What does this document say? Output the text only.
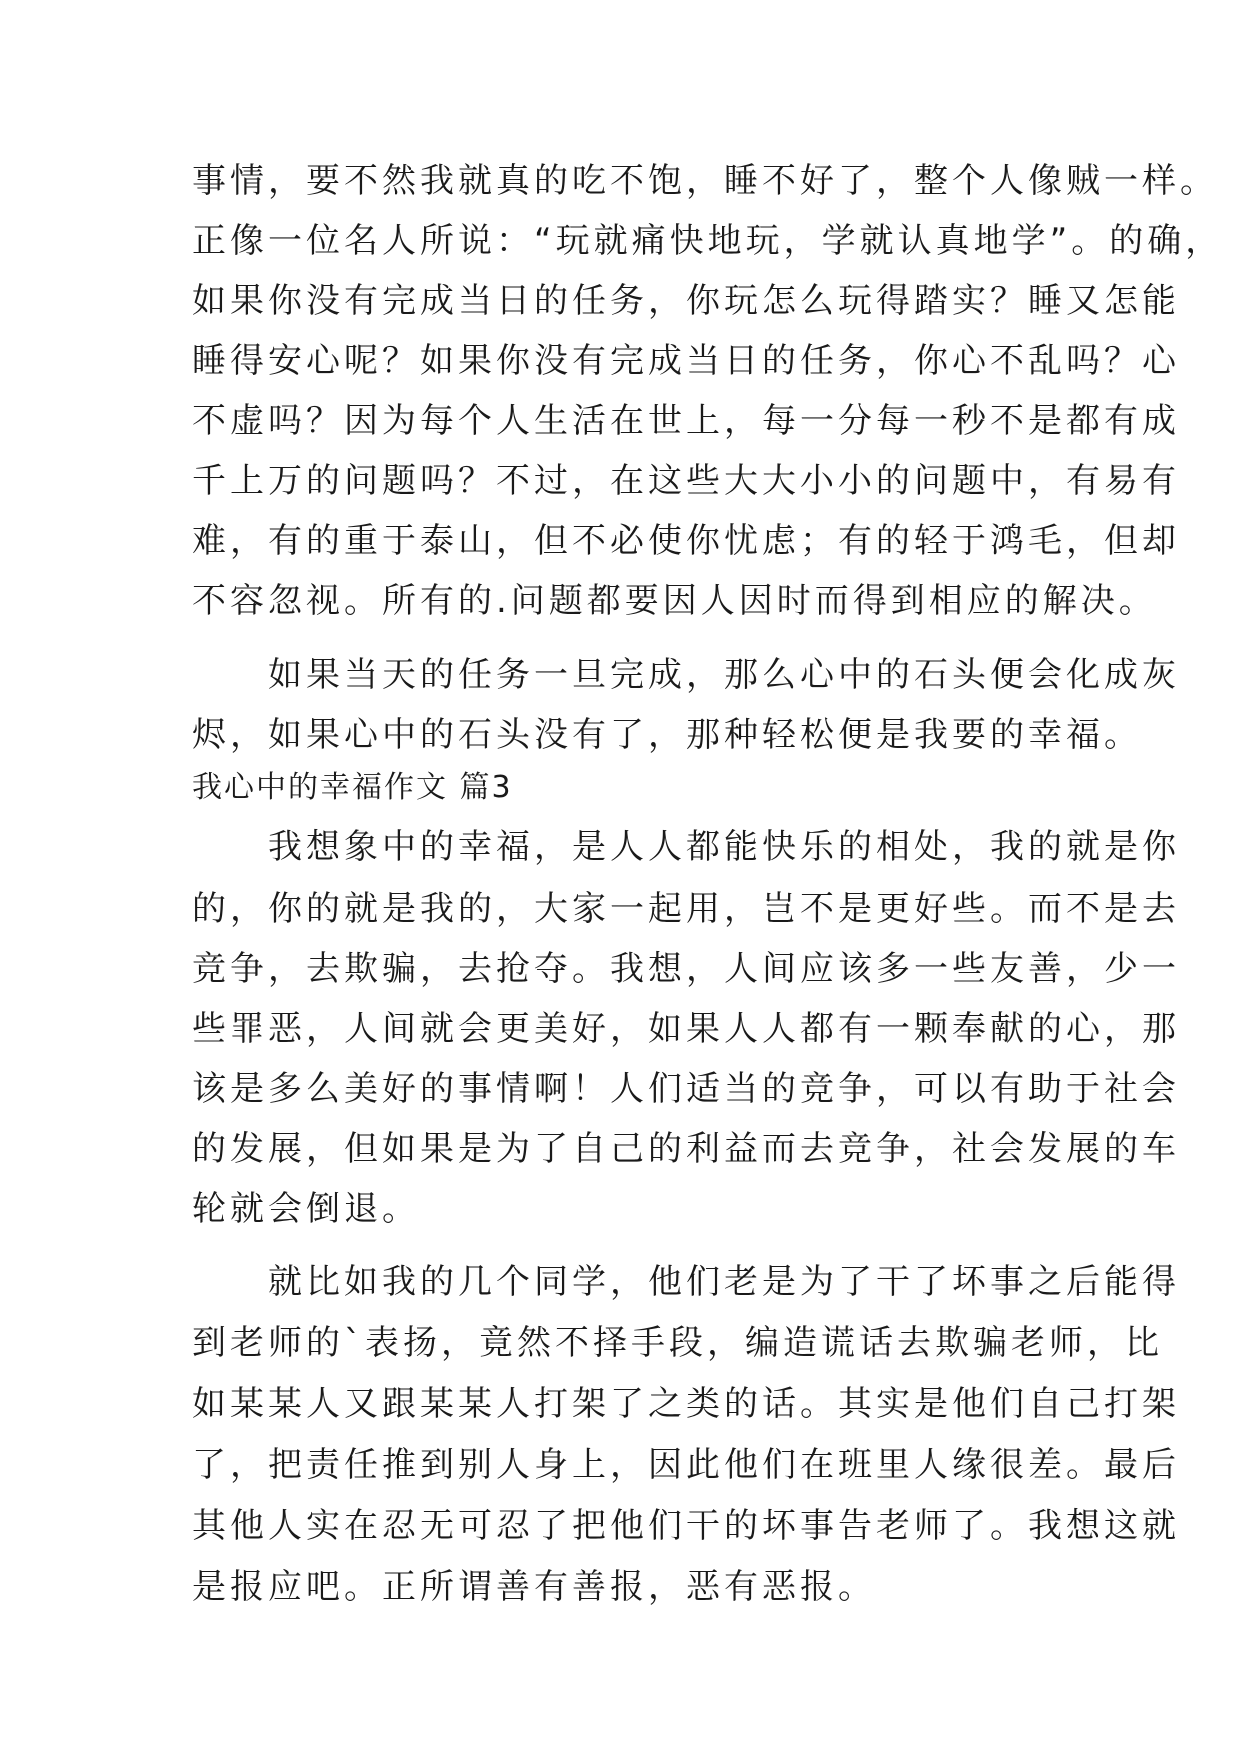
事情，要不然我就真的吃不饱，睡不好了，整个人像贼一样。
正像一位名人所说：“玩就痛快地玩，学就认真地学”。的确，
如果你没有完成当日的任务，你玩怎么玩得踏实？睡又怎能
睡得安心呢？如果你没有完成当日的任务，你心不乱吗？心
不虚吗？因为每个人生活在世上，每一分每一秒不是都有成
千上万的问题吗？不过，在这些大大小小的问题中，有易有
难，有的重于泰山，但不必使你忧虑；有的轻于鸿毛，但却
不容忽视。所有的.问题都要因人因时而得到相应的解决。
　　如果当天的任务一旦完成，那么心中的石头便会化成灰
烬，如果心中的石头没有了，那种轻松便是我要的幸福。
我心中的幸福作文 篇3
　　我想象中的幸福，是人人都能快乐的相处，我的就是你
的，你的就是我的，大家一起用，岂不是更好些。而不是去
竞争，去欺骗，去抢夺。我想，人间应该多一些友善，少一
些罪恶，人间就会更美好，如果人人都有一颗奉献的心，那
该是多么美好的事情啊！人们适当的竞争，可以有助于社会
的发展，但如果是为了自己的利益而去竞争，社会发展的车
轮就会倒退。
　　就比如我的几个同学，他们老是为了干了坏事之后能得
到老师的`表扬，竟然不择手段，编造谎话去欺骗老师，比
如某某人又跟某某人打架了之类的话。其实是他们自己打架
了，把责任推到别人身上，因此他们在班里人缘很差。最后
其他人实在忍无可忍了把他们干的坏事告老师了。我想这就
是报应吧。正所谓善有善报，恶有恶报。
